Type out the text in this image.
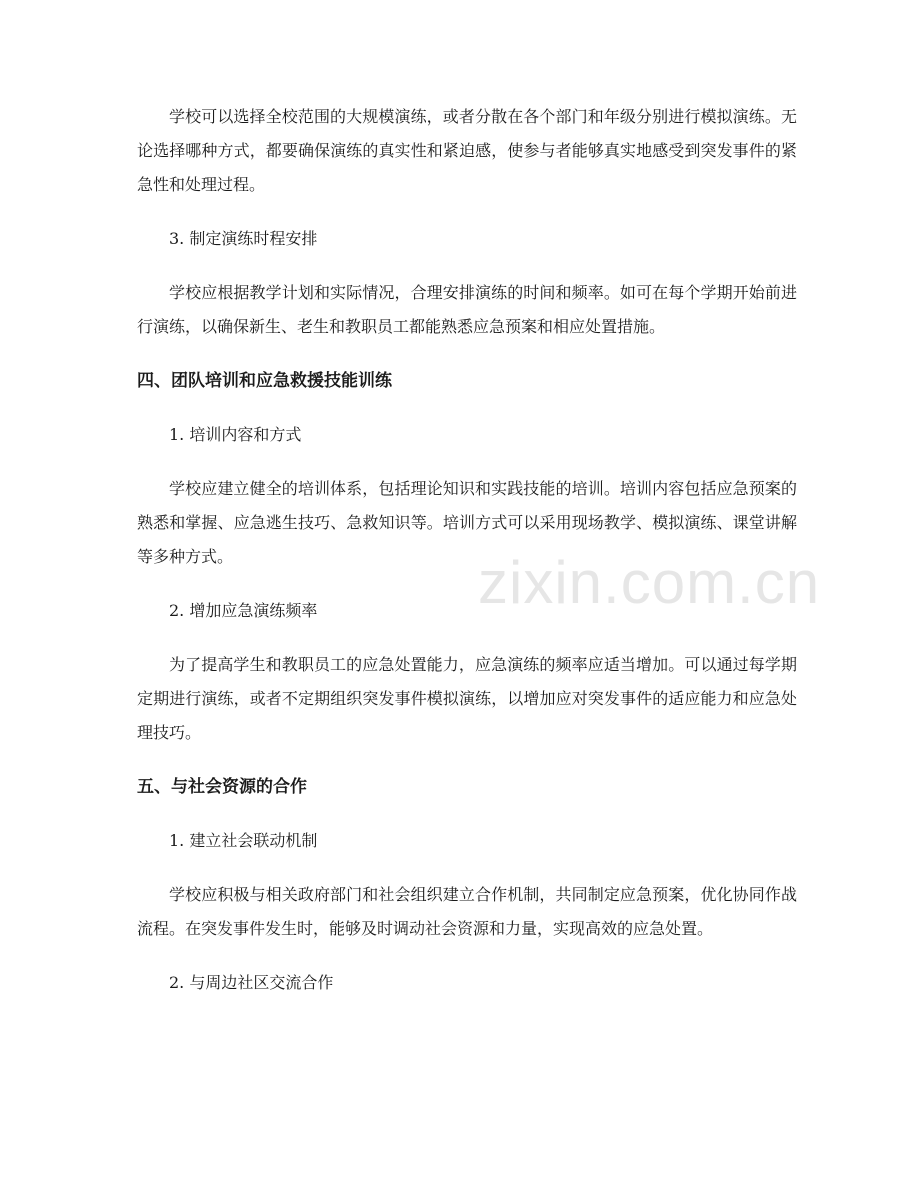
zixin.com.cn

学校可以选择全校范围的大规模演练，或者分散在各个部门和年级分别进行模拟演练。无论选择哪种方式，都要确保演练的真实性和紧迫感，使参与者能够真实地感受到突发事件的紧急性和处理过程。

3. 制定演练时程安排

学校应根据教学计划和实际情况，合理安排演练的时间和频率。如可在每个学期开始前进行演练，以确保新生、老生和教职员工都能熟悉应急预案和相应处置措施。

四、团队培训和应急救援技能训练

1. 培训内容和方式

学校应建立健全的培训体系，包括理论知识和实践技能的培训。培训内容包括应急预案的熟悉和掌握、应急逃生技巧、急救知识等。培训方式可以采用现场教学、模拟演练、课堂讲解等多种方式。

2. 增加应急演练频率

为了提高学生和教职员工的应急处置能力，应急演练的频率应适当增加。可以通过每学期定期进行演练，或者不定期组织突发事件模拟演练，以增加应对突发事件的适应能力和应急处理技巧。

五、与社会资源的合作

1. 建立社会联动机制

学校应积极与相关政府部门和社会组织建立合作机制，共同制定应急预案，优化协同作战流程。在突发事件发生时，能够及时调动社会资源和力量，实现高效的应急处置。

2. 与周边社区交流合作
